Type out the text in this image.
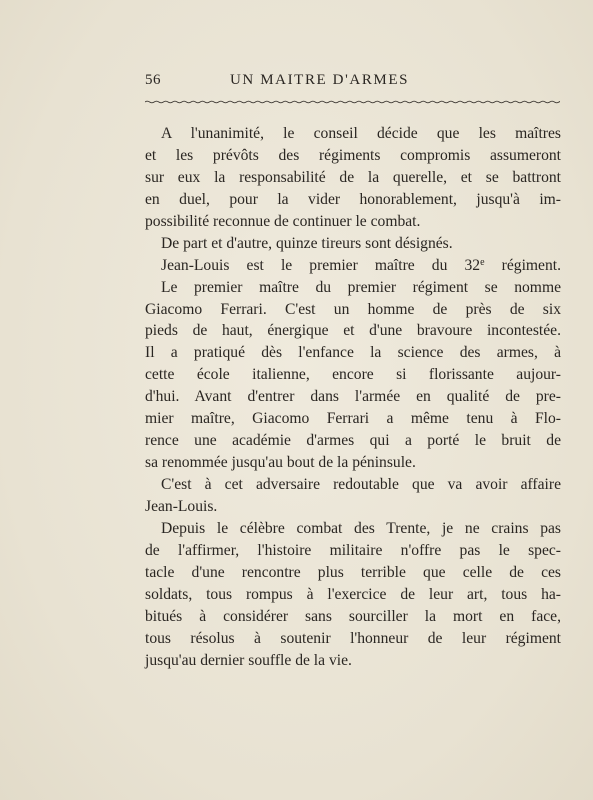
56	UN MAITRE D'ARMES
A l'unanimité, le conseil décide que les maîtres
et les prévôts des régiments compromis assumeront
sur eux la responsabilité de la querelle, et se battront
en duel, pour la vider honorablement, jusqu'à im-
possibilité reconnue de continuer le combat.
De part et d'autre, quinze tireurs sont désignés.
Jean-Louis est le premier maître du 32e régiment.
Le premier maître du premier régiment se nomme
Giacomo Ferrari. C'est un homme de près de six
pieds de haut, énergique et d'une bravoure incontestée.
Il a pratiqué dès l'enfance la science des armes, à
cette école italienne, encore si florissante aujour-
d'hui. Avant d'entrer dans l'armée en qualité de pre-
mier maître, Giacomo Ferrari a même tenu à Flo-
rence une académie d'armes qui a porté le bruit de
sa renommée jusqu'au bout de la péninsule.
C'est à cet adversaire redoutable que va avoir affaire
Jean-Louis.
Depuis le célèbre combat des Trente, je ne crains pas
de l'affirmer, l'histoire militaire n'offre pas le spec-
tacle d'une rencontre plus terrible que celle de ces
soldats, tous rompus à l'exercice de leur art, tous ha-
bitués à considérer sans sourciller la mort en face,
tous résolus à soutenir l'honneur de leur régiment
jusqu'au dernier souffle de la vie.
